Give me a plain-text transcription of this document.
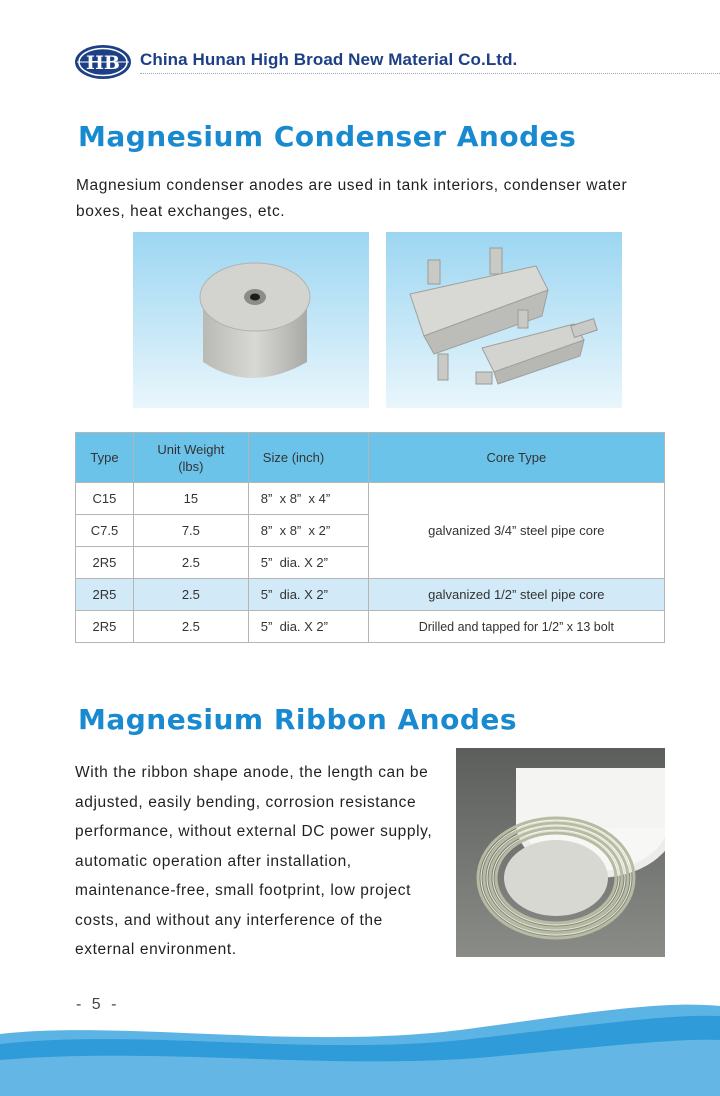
HB China Hunan High Broad New Material Co.Ltd.
Magnesium Condenser Anodes

Magnesium condenser anodes are used in tank interiors, condenser water boxes, heat exchanges, etc.

Type	Unit Weight (lbs)	Size (inch)	Core Type
C15	15	8”  x 8”  x 4”	galvanized 3/4” steel pipe core
C7.5	7.5	8”  x 8”  x 2”	
2R5	2.5	5”  dia. X 2”	
2R5	2.5	5”  dia. X 2”	galvanized 1/2” steel pipe core
2R5	2.5	5”  dia. X 2”	Drilled and tapped for 1/2” x 13 bolt
Magnesium Ribbon Anodes

With the ribbon shape anode, the length can be adjusted, easily bending, corrosion resistance performance, without external DC power supply, automatic operation after installation, maintenance-free, small footprint, low project costs, and without any interference of the external environment.

- 5 -
